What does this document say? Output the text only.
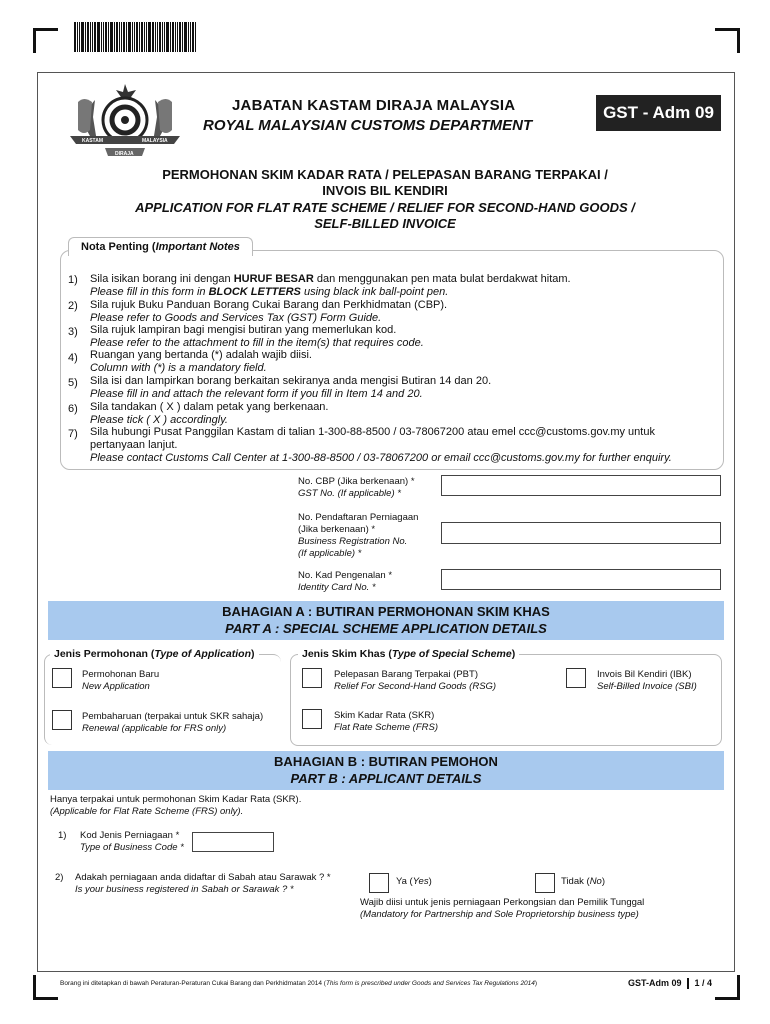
KASTAM	MALAYSIA
DIRAJA
JABATAN KASTAM DIRAJA MALAYSIA
ROYAL MALAYSIAN CUSTOMS DEPARTMENT
GST - Adm 09
PERMOHONAN SKIM KADAR RATA / PELEPASAN BARANG TERPAKAI /
INVOIS BIL KENDIRI
APPLICATION FOR FLAT RATE SCHEME / RELIEF FOR SECOND-HAND GOODS /
SELF-BILLED INVOICE
Nota Penting (Important Notes
1) Sila isikan borang ini dengan HURUF BESAR dan menggunakan pen mata bulat berdakwat hitam.
Please fill in this form in BLOCK LETTERS using black ink ball-point pen.
2) Sila rujuk Buku Panduan Borang Cukai Barang dan Perkhidmatan (CBP).
Please refer to Goods and Services Tax (GST) Form Guide.
3) Sila rujuk lampiran bagi mengisi butiran yang memerlukan kod.
Please refer to the attachment to fill in the item(s) that requires code.
4) Ruangan yang bertanda (*) adalah wajib diisi.
Column with (*) is a mandatory field.
5) Sila isi dan lampirkan borang berkaitan sekiranya anda mengisi Butiran 14 dan 20.
Please fill in and attach the relevant form if you fill in Item 14 and 20.
6) Sila tandakan ( X ) dalam petak yang berkenaan.
Please tick ( X ) accordingly.
7) Sila hubungi Pusat Panggilan Kastam di talian 1-300-88-8500 / 03-78067200 atau emel ccc@customs.gov.my untuk
pertanyaan lanjut.
Please contact Customs Call Center at 1-300-88-8500 / 03-78067200 or email ccc@customs.gov.my for further enquiry.
No. CBP (Jika berkenaan) *
GST No. (If applicable) *
No. Pendaftaran Perniagaan
(Jika berkenaan) *
Business Registration No.
(If applicable) *
No. Kad Pengenalan *
Identity Card No. *
BAHAGIAN A : BUTIRAN PERMOHONAN SKIM KHAS
PART A : SPECIAL SCHEME APPLICATION DETAILS
Jenis Permohonan (Type of Application)	Jenis Skim Khas (Type of Special Scheme)
Permohonan Baru
New Application
Pembaharuan (terpakai untuk SKR sahaja)
Renewal (applicable for FRS only)
Pelepasan Barang Terpakai (PBT)
Relief For Second-Hand Goods (RSG)
Invois Bil Kendiri (IBK)
Self-Billed Invoice (SBI)
Skim Kadar Rata (SKR)
Flat Rate Scheme (FRS)
BAHAGIAN B : BUTIRAN PEMOHON
PART B : APPLICANT DETAILS
Hanya terpakai untuk permohonan Skim Kadar Rata (SKR).
(Applicable for Flat Rate Scheme (FRS) only).
1) Kod Jenis Perniagaan *
Type of Business Code *
2) Adakah perniagaan anda didaftar di Sabah atau Sarawak ? *
Is your business registered in Sabah or Sarawak ? *
Ya (Yes)	Tidak (No)
Wajib diisi untuk jenis perniagaan Perkongsian dan Pemilik Tunggal
(Mandatory for Partnership and Sole Proprietorship business type)
Borang ini ditetapkan di bawah Peraturan-Peraturan Cukai Barang dan Perkhidmatan 2014 (This form is prescribed under Goods and Services Tax Regulations 2014)	GST-Adm 09 1 / 4
